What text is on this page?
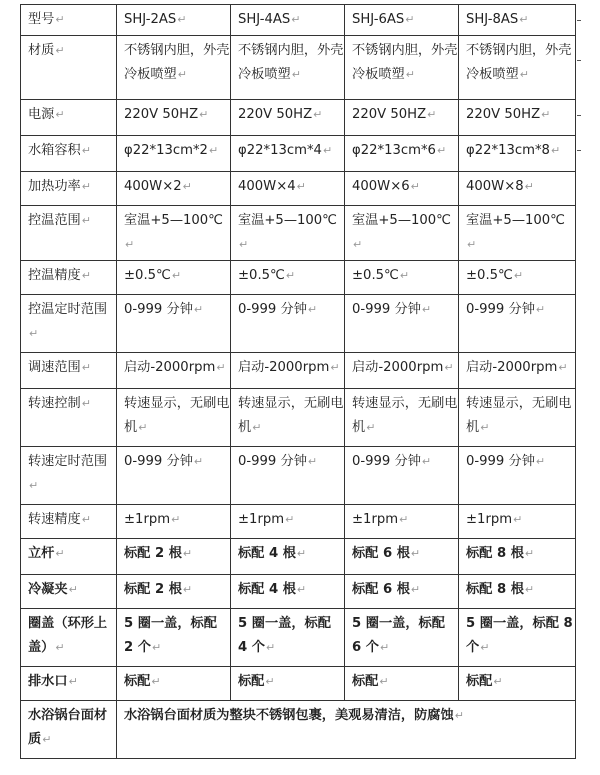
型号↵	SHJ-2AS↵	SHJ-4AS↵	SHJ-6AS↵	SHJ-8AS↵
材质↵	不锈钢内胆，外壳冷板喷塑↵	不锈钢内胆，外壳冷板喷塑↵	不锈钢内胆，外壳冷板喷塑↵	不锈钢内胆，外壳冷板喷塑↵
电源↵	220V 50HZ↵	220V 50HZ↵	220V 50HZ↵	220V 50HZ↵
水箱容积↵	φ22*13cm*2↵	φ22*13cm*4↵	φ22*13cm*6↵	φ22*13cm*8↵
加热功率↵	400W×2↵	400W×4↵	400W×6↵	400W×8↵
控温范围↵	室温+5—100℃↵	室温+5—100℃↵	室温+5—100℃↵	室温+5—100℃↵
控温精度↵	±0.5℃↵	±0.5℃↵	±0.5℃↵	±0.5℃↵
控温定时范围↵	0-999 分钟↵	0-999 分钟↵	0-999 分钟↵	0-999 分钟↵
调速范围↵	启动-2000rpm↵	启动-2000rpm↵	启动-2000rpm↵	启动-2000rpm↵
转速控制↵	转速显示，无刷电机↵	转速显示，无刷电机↵	转速显示，无刷电机↵	转速显示，无刷电机↵
转速定时范围↵	0-999 分钟↵	0-999 分钟↵	0-999 分钟↵	0-999 分钟↵
转速精度↵	±1rpm↵	±1rpm↵	±1rpm↵	±1rpm↵
立杆↵	标配 2 根↵	标配 4 根↵	标配 6 根↵	标配 8 根↵
冷凝夹↵	标配 2 根↵	标配 4 根↵	标配 6 根↵	标配 8 根↵
圈盖（环形上盖）↵	5 圈一盖，标配 2 个↵	5 圈一盖，标配 4 个↵	5 圈一盖，标配 6 个↵	5 圈一盖，标配 8 个↵
排水口↵	标配↵	标配↵	标配↵	标配↵
水浴锅台面材质↵	水浴锅台面材质为整块不锈钢包裹，美观易清洁，防腐蚀↵			
